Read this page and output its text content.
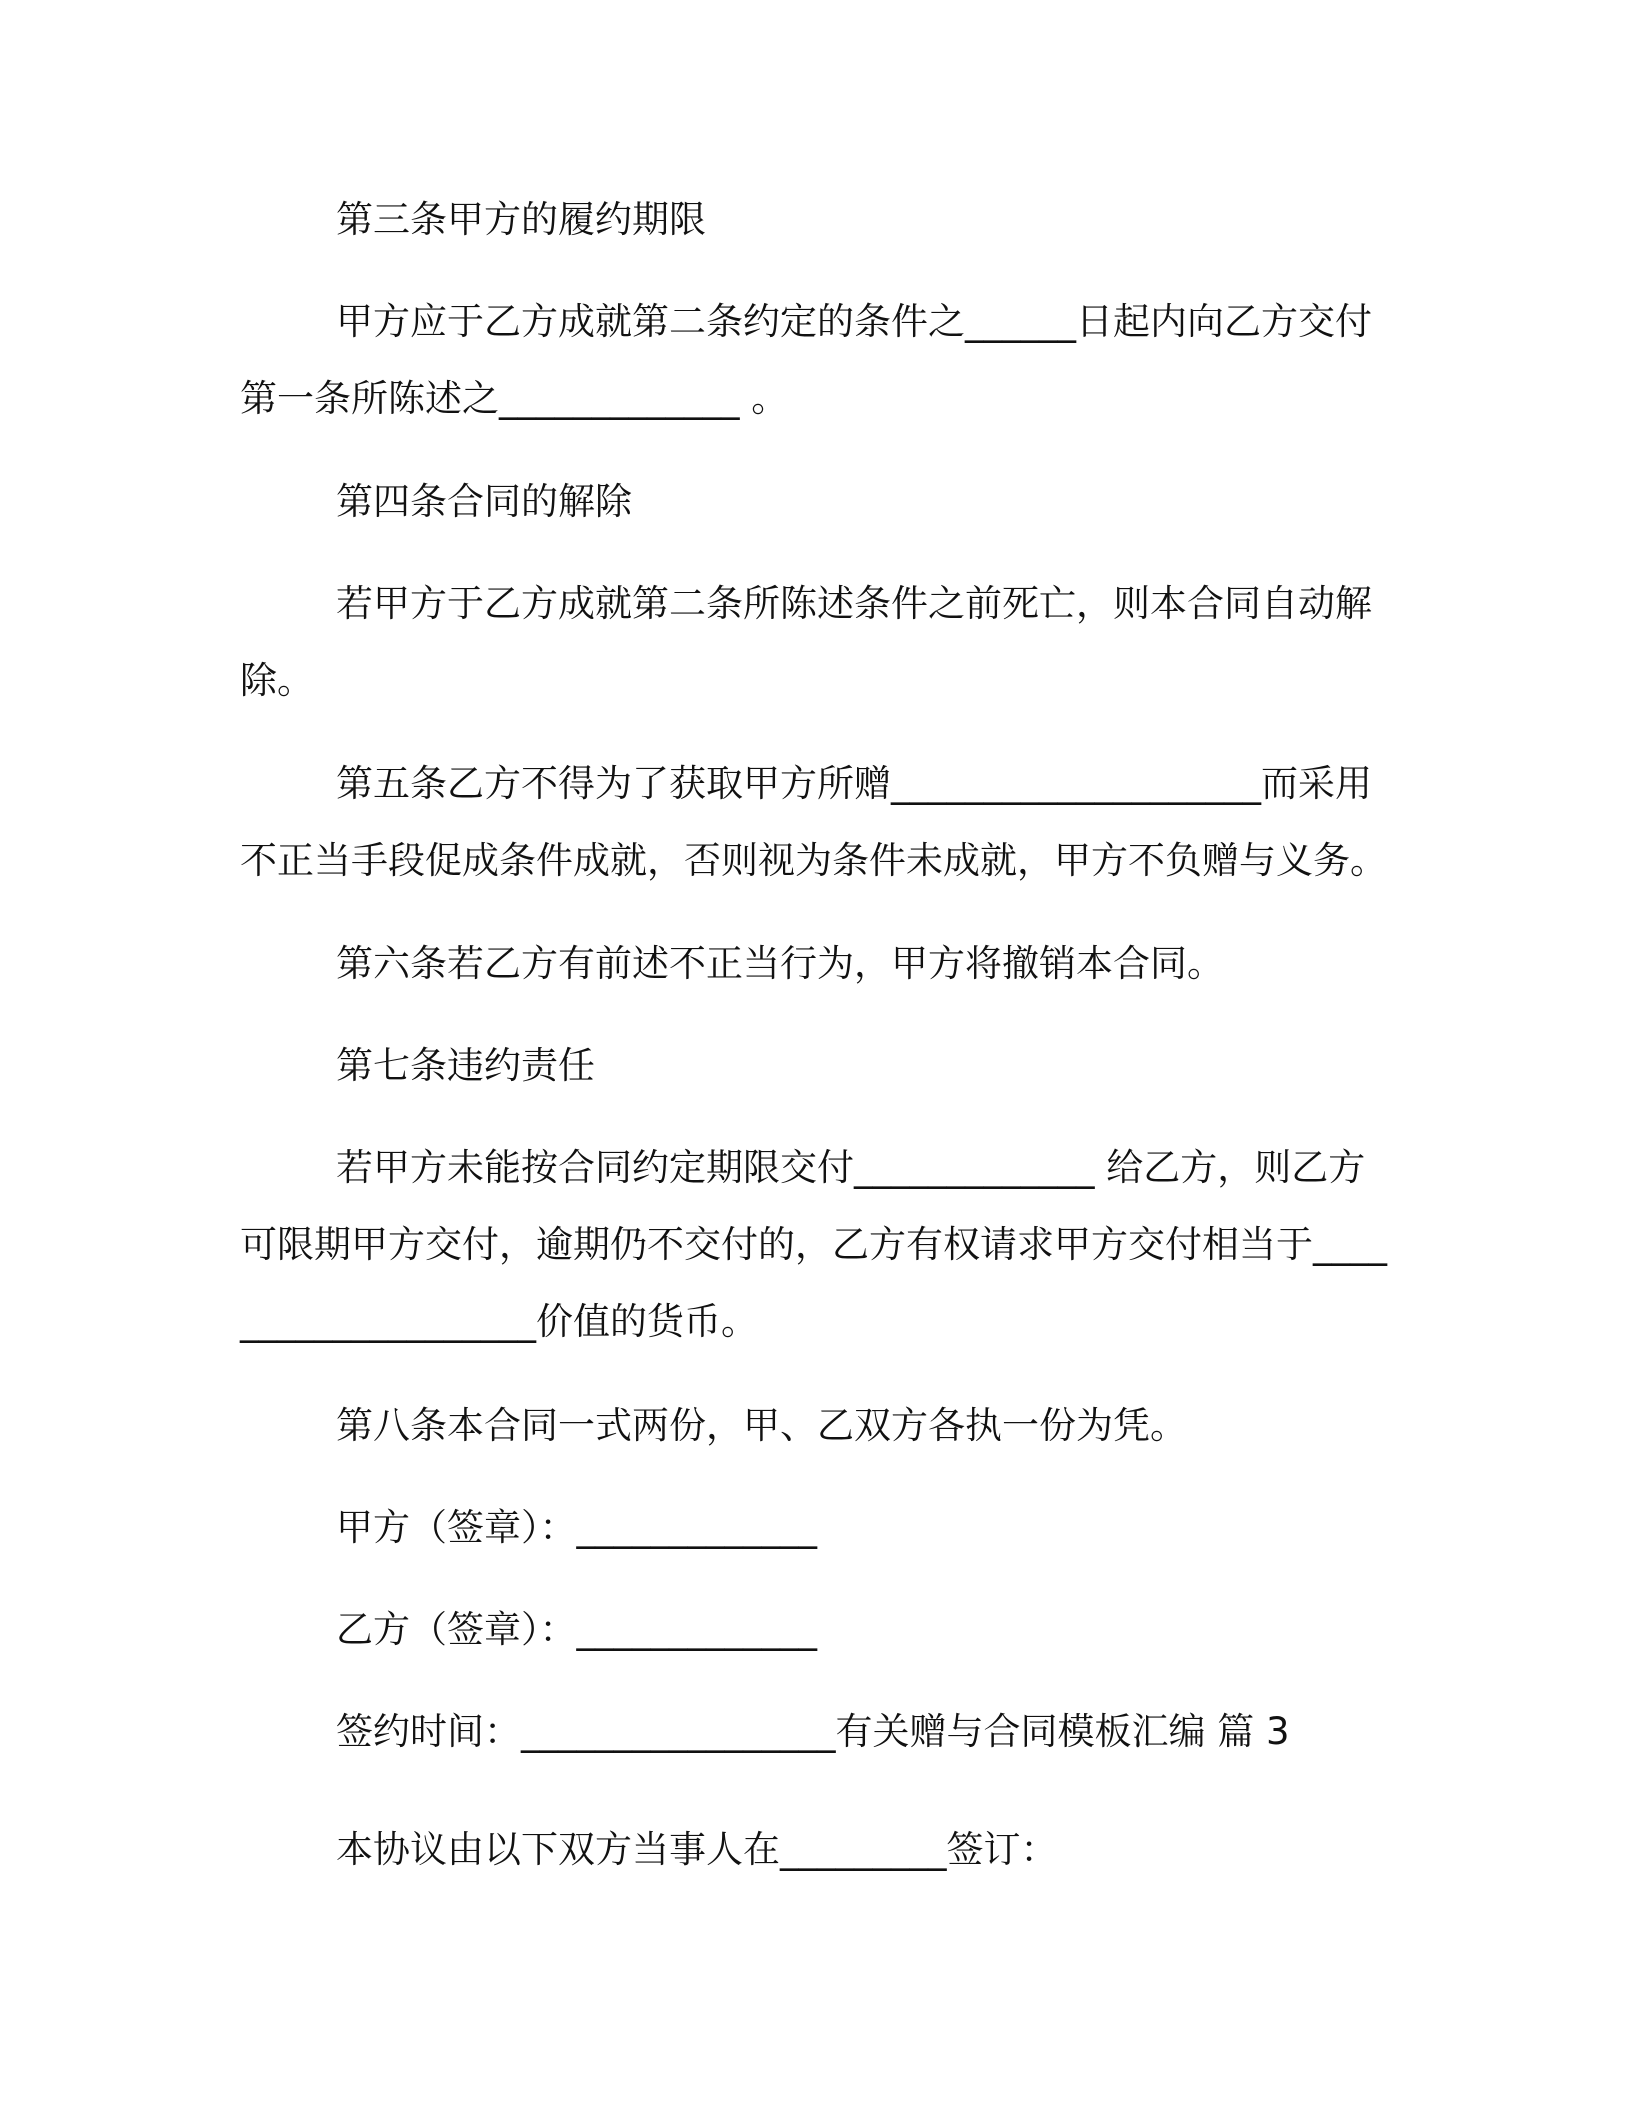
第三条甲方的履约期限

甲方应于乙方成就第二条约定的条件之______日起内向乙方交付第一条所陈述之_____________ 。

第四条合同的解除

若甲方于乙方成就第二条所陈述条件之前死亡，则本合同自动解除。

第五条乙方不得为了获取甲方所赠____________________而采用不正当手段促成条件成就，否则视为条件未成就，甲方不负赠与义务。

第六条若乙方有前述不正当行为，甲方将撤销本合同。

第七条违约责任

若甲方未能按合同约定期限交付_____________ 给乙方，则乙方可限期甲方交付，逾期仍不交付的，乙方有权请求甲方交付相当于____________________价值的货币。

第八条本合同一式两份，甲、乙双方各执一份为凭。

甲方（签章）：_____________

乙方（签章）：_____________

签约时间：_________________有关赠与合同模板汇编 篇 3

本协议由以下双方当事人在_________签订：
